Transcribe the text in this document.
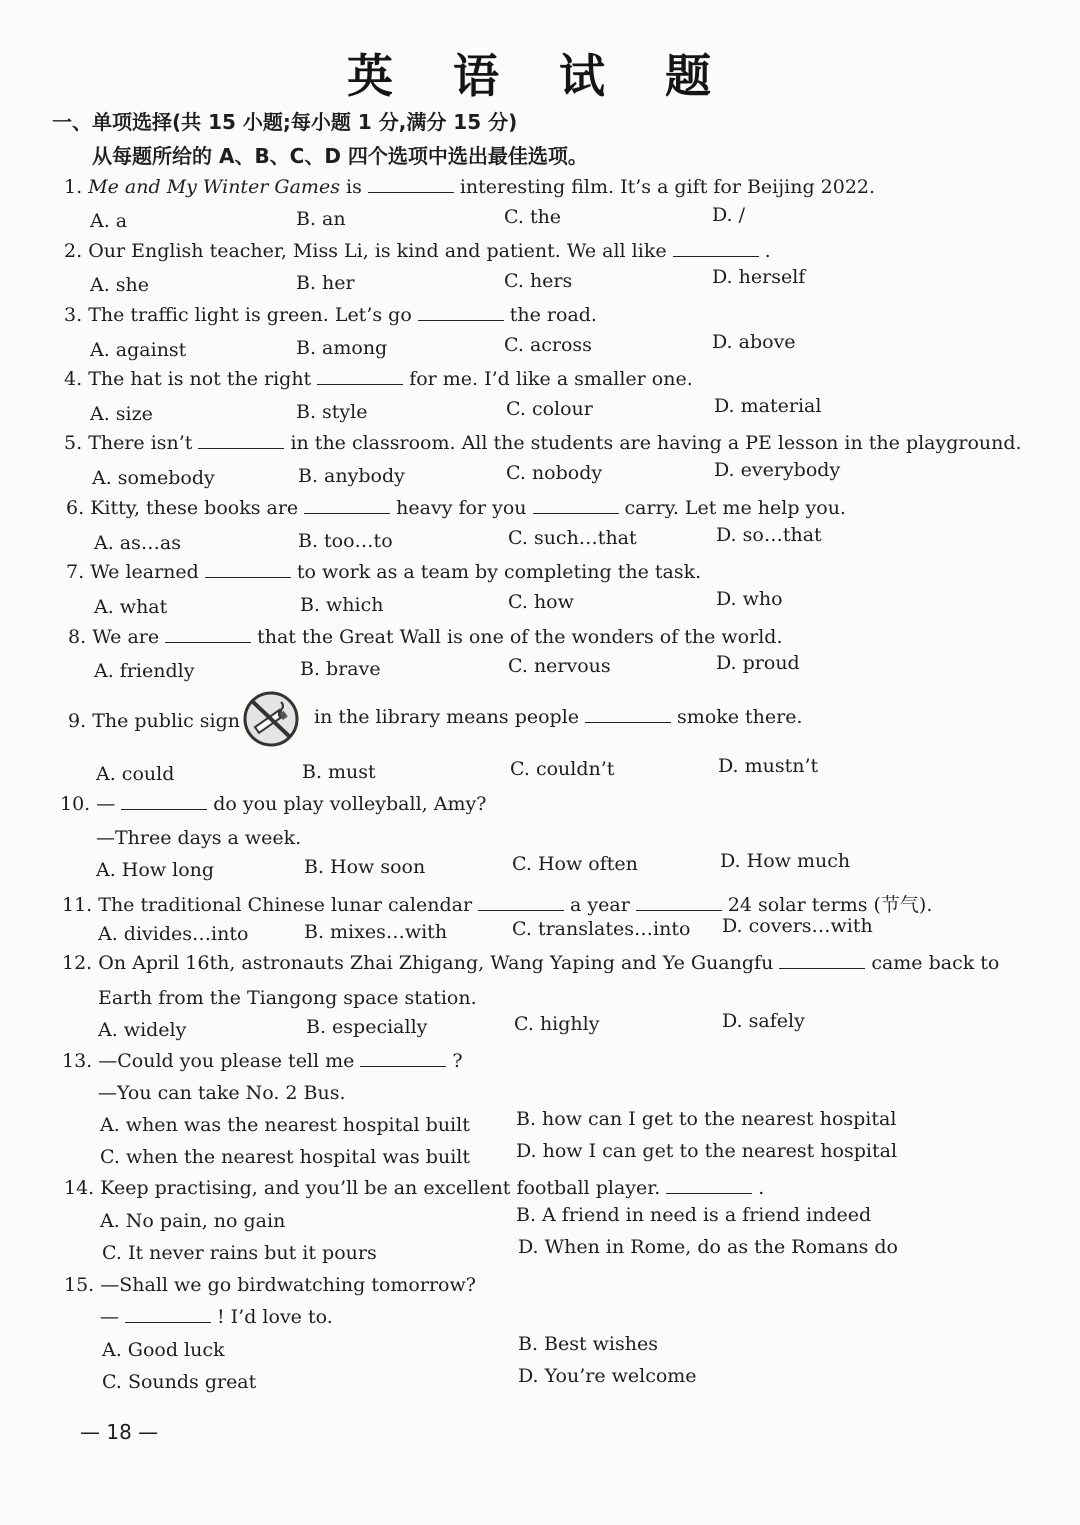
英 语 试 题
一、单项选择(共 15 小题;每小题 1 分,满分 15 分)
从每题所给的 A、B、C、D 四个选项中选出最佳选项。
1. Me and My Winter Games is	interesting film. It’s a gift for Beijing 2022.
A. a	B. an	C. the	D. /
2. Our English teacher, Miss Li, is kind and patient. We all like	.
A. she	B. her	C. hers	D. herself
3. The traffic light is green. Let’s go	the road.
A. against	B. among	C. across	D. above
4. The hat is not the right	for me. I’d like a smaller one.
A. size	B. style	C. colour	D. material
5. There isn’t	in the classroom. All the students are having a PE lesson in the playground.
A. somebody	B. anybody	C. nobody	D. everybody
6. Kitty, these books are	heavy for you	carry. Let me help you.
A. as…as	B. too…to	C. such…that	D. so…that
7. We learned	to work as a team by completing the task.
A. what	B. which	C. how	D. who
8. We are	that the Great Wall is one of the wonders of the world.
A. friendly	B. brave	C. nervous	D. proud
9. The public sign	in the library means people	smoke there.
A. could	B. must	C. couldn’t	D. mustn’t
10. —	do you play volleyball, Amy?
—Three days a week.
A. How long	B. How soon	C. How often	D. How much
11. The traditional Chinese lunar calendar	a year	24 solar terms (节气).
A. divides…into	B. mixes…with	C. translates…into D. covers…with
12. On April 16th, astronauts Zhai Zhigang, Wang Yaping and Ye Guangfu	came back to
Earth from the Tiangong space station.
A. widely	B. especially	C. highly	D. safely
13. —Could you please tell me	?
—You can take No. 2 Bus.
A. when was the nearest hospital built B. how can I get to the nearest hospital
C. when the nearest hospital was built D. how I can get to the nearest hospital
14. Keep practising, and you’ll be an excellent football player.	.
A. No pain, no gain	B. A friend in need is a friend indeed
C. It never rains but it pours	D. When in Rome, do as the Romans do
15. —Shall we go birdwatching tomorrow?
—	! I’d love to.
A. Good luck	B. Best wishes
C. Sounds great	D. You’re welcome
— 18 —
